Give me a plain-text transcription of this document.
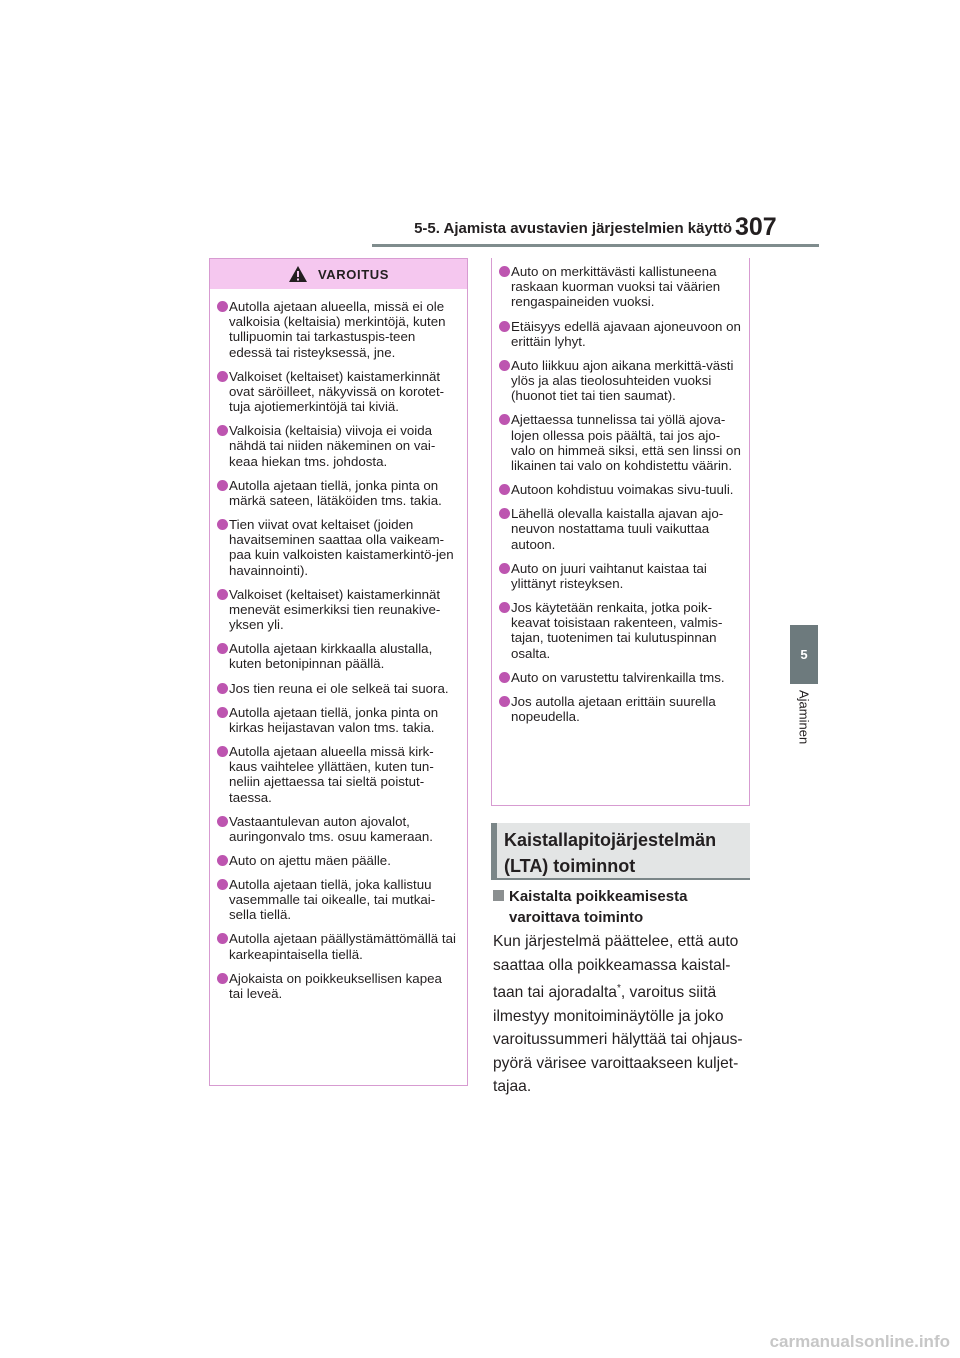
5-5. Ajamista avustavien järjestelmien käyttö 307
5
Ajaminen
VAROITUS
Autolla ajetaan alueella, missä ei ole valkoisia (keltaisia) merkintöjä, kuten tullipuomin tai tarkastuspis-teen edessä tai risteyksessä, jne.
Valkoiset (keltaiset) kaistamerkinnät ovat säröilleet, näkyvissä on korotet-tuja ajotiemerkintöjä tai kiviä.
Valkoisia (keltaisia) viivoja ei voida nähdä tai niiden näkeminen on vai-keaa hiekan tms. johdosta.
Autolla ajetaan tiellä, jonka pinta on märkä sateen, lätäköiden tms. takia.
Tien viivat ovat keltaiset (joiden havaitseminen saattaa olla vaikeam-paa kuin valkoisten kaistamerkintö-jen havainnointi).
Valkoiset (keltaiset) kaistamerkinnät menevät esimerkiksi tien reunakive-yksen yli.
Autolla ajetaan kirkkaalla alustalla, kuten betonipinnan päällä.
Jos tien reuna ei ole selkeä tai suora.
Autolla ajetaan tiellä, jonka pinta on kirkas heijastavan valon tms. takia.
Autolla ajetaan alueella missä kirk-kaus vaihtelee yllättäen, kuten tun-neliin ajettaessa tai sieltä poistut-taessa.
Vastaantulevan auton ajovalot, auringonvalo tms. osuu kameraan.
Auto on ajettu mäen päälle.
Autolla ajetaan tiellä, joka kallistuu vasemmalle tai oikealle, tai mutkai-sella tiellä.
Autolla ajetaan päällystämättömällä tai karkeapintaisella tiellä.
Ajokaista on poikkeuksellisen kapea tai leveä.
Auto on merkittävästi kallistuneena raskaan kuorman vuoksi tai väärien rengaspaineiden vuoksi.
Etäisyys edellä ajavaan ajoneuvoon on erittäin lyhyt.
Auto liikkuu ajon aikana merkittä-västi ylös ja alas tieolosuhteiden vuoksi (huonot tiet tai tien saumat).
Ajettaessa tunnelissa tai yöllä ajova-lojen ollessa pois päältä, tai jos ajo-valo on himmeä siksi, että sen linssi on likainen tai valo on kohdistettu väärin.
Autoon kohdistuu voimakas sivu-tuuli.
Lähellä olevalla kaistalla ajavan ajo-neuvon nostattama tuuli vaikuttaa autoon.
Auto on juuri vaihtanut kaistaa tai ylittänyt risteyksen.
Jos käytetään renkaita, jotka poik-keavat toisistaan rakenteen, valmis-tajan, tuotenimen tai kulutuspinnan osalta.
Auto on varustettu talvirenkailla tms.
Jos autolla ajetaan erittäin suurella nopeudella.
Kaistallapitojärjestelmän
(LTA) toiminnot
Kaistalta poikkeamisesta
varoittava toiminto
Kun järjestelmä päättelee, että auto saattaa olla poikkeamassa kaistal-taan tai ajoradalta*, varoitus siitä ilmestyy monitoiminäytölle ja joko varoitussummeri hälyttää tai ohjaus-pyörä värisee varoittaakseen kuljet-tajaa.
carmanualsonline.info
